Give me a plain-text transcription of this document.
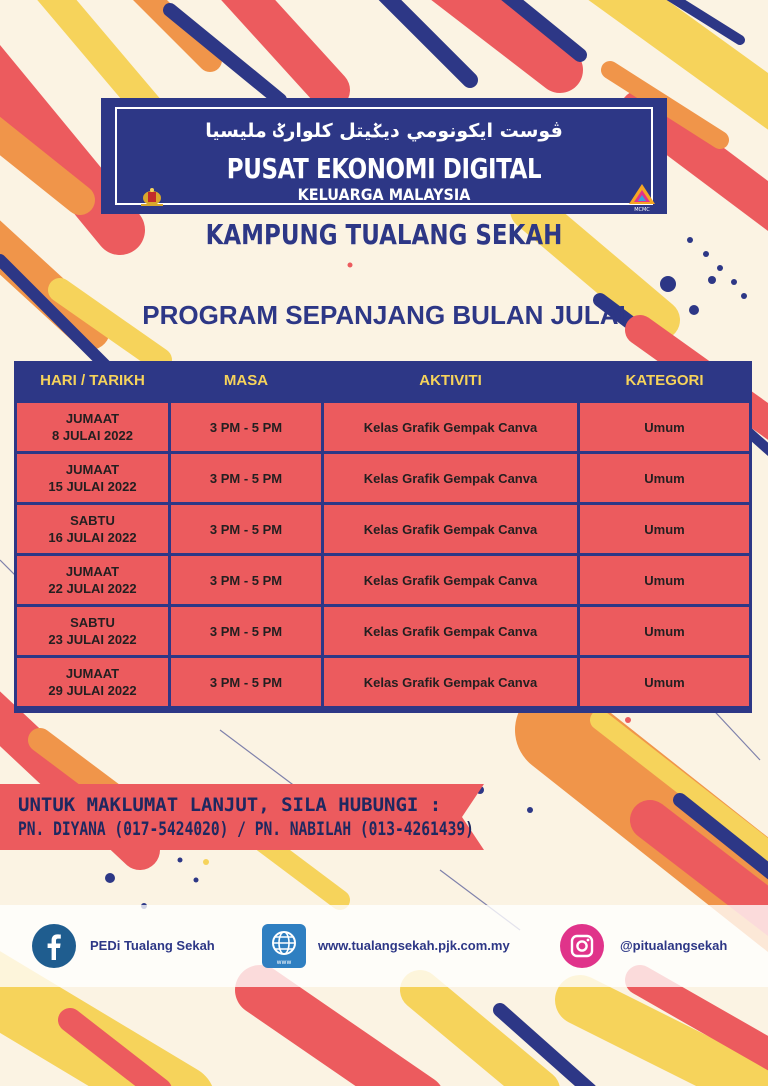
ڤوست ايكونومي ديݢيتل كلوارݢ مليسيا
PUSAT EKONOMI DIGITAL
KELUARGA MALAYSIA
MCMC
KAMPUNG TUALANG SEKAH
PROGRAM SEPANJANG BULAN JULAI
HARI / TARIKH	MASA	AKTIVITI	KATEGORI
JUMAAT
8 JULAI 2022
3 PM - 5 PM	Kelas Grafik Gempak Canva	Umum
JUMAAT
15 JULAI 2022
3 PM - 5 PM	Kelas Grafik Gempak Canva	Umum
SABTU
16 JULAI 2022
3 PM - 5 PM	Kelas Grafik Gempak Canva	Umum
JUMAAT
22 JULAI 2022
3 PM - 5 PM	Kelas Grafik Gempak Canva	Umum
SABTU
23 JULAI 2022
3 PM - 5 PM	Kelas Grafik Gempak Canva	Umum
JUMAAT
29 JULAI 2022
3 PM - 5 PM	Kelas Grafik Gempak Canva	Umum
UNTUK MAKLUMAT LANJUT, SILA HUBUNGI :
PN. DIYANA (017-5424020) / PN. NABILAH (013-4261439)
PEDi Tualang Sekah
www
www.tualangsekah.pjk.com.my	@pitualangsekah
